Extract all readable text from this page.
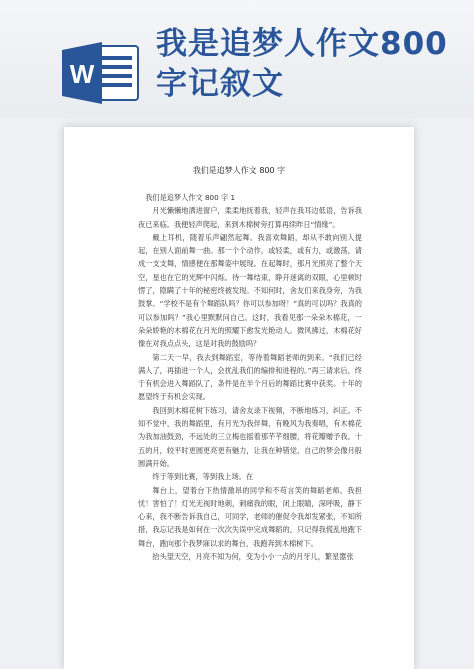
W
我是追梦人作文800字记叙文
我们是追梦人作文 800 字

我们是追梦人作文 800 字 1

月光懒懒地洒进窗户，柔柔地抚着我，轻声在我耳边低语，告诉我夜已来临。我便轻声爬起，来到木棉树旁打算再续昨日“情缘”。

戴上耳机，随着乐声翩然起舞。我喜欢舞蹈，却从不敢向别人提起，在别人面前舞一曲。那一个个动作，或轻柔，或有力，或激荡，请成一支支舞，情感便在那舞姿中展现。在起舞时，那月光照亮了整个天空，星也在它的光辉中闪烁。待一舞结束，睁开迷离的双眼，心里顿时愣了，隐瞒了十年的秘密终被发现。不知何时，舍友们来我身旁，为我鼓掌。“学校不是有个舞蹈队吗？你可以参加呀！”真的可以吗？我真的可以参加吗？”我心里默默问自己。这时，我看见那一朵朵木棉花，一朵朵娇艳的木棉花在月光的照耀下愈发光艳动人。微风拂过，木棉花好像在对我点点头，这是对我的鼓励吗？

第二天一早，我去到舞蹈室，等待着舞蹈老师的到来。“我们已经满人了，再插进一个人，会扰乱我们的编排和进程的。”再三请求后，终于有机会进入舞蹈队了，条件是在半个月后的舞蹈比赛中获奖。十年的愿望终于有机会实现。

我回到木棉花树下练习，请舍友录下视频，不断地练习，纠正。不知不觉中，我的舞蹈里，有月光为我伴舞，有晚风为我奏唱，有木棉花为我加油鼓劲，不远处的三立梅也摇着那芊芊细腰，将花瓣赠予我。十五的月，较平时更圆更亮更有魅力，让我在种错觉，自己的梦会像月般圆满开始。

终于等到比赛，等到我上场。在

舞台上，望着台下热情激昂的同学和不苟言笑的舞蹈老师。我担忧！害怕了！灯光无视时地刺，刺痛我的眼，闭上眼睛，深呼吸，静下心来，我不断告诉我自己，可同学，老师的催促令我却发紧张，不知所措，我忘记我是如何在一次次失误中完成舞蹈的，只记得我慌乱地跑下舞台，跑向那个我梦寐以求的舞台，我跑奔到木棉树下。

抬头望天空，月亮不知为何，变为小小一点的月牙儿，繁星嚣张
